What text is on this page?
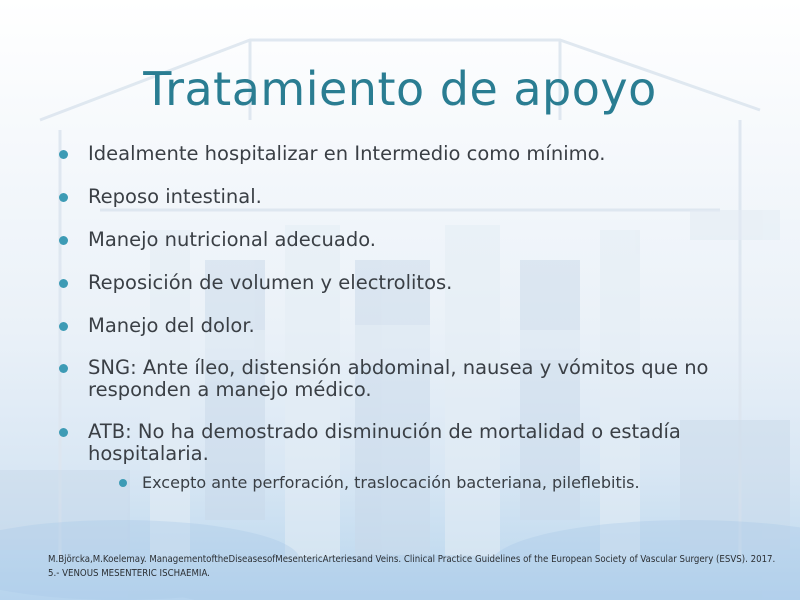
Tratamiento de apoyo
Idealmente hospitalizar en Intermedio como mínimo.
Reposo intestinal.
Manejo nutricional adecuado.
Reposición de volumen y electrolitos.
Manejo del dolor.
SNG: Ante íleo, distensión abdominal, nausea y vómitos que no responden a manejo médico.
ATB: No ha demostrado disminución de mortalidad o estadía hospitalaria.
Excepto ante perforación, traslocación bacteriana, pileflebitis.
M.Björcka,M.Koelemay. ManagementoftheDiseasesofMesentericArteriesand Veins. Clinical Practice Guidelines of the European Society of Vascular Surgery (ESVS). 2017. 5.- VENOUS MESENTERIC ISCHAEMIA.
